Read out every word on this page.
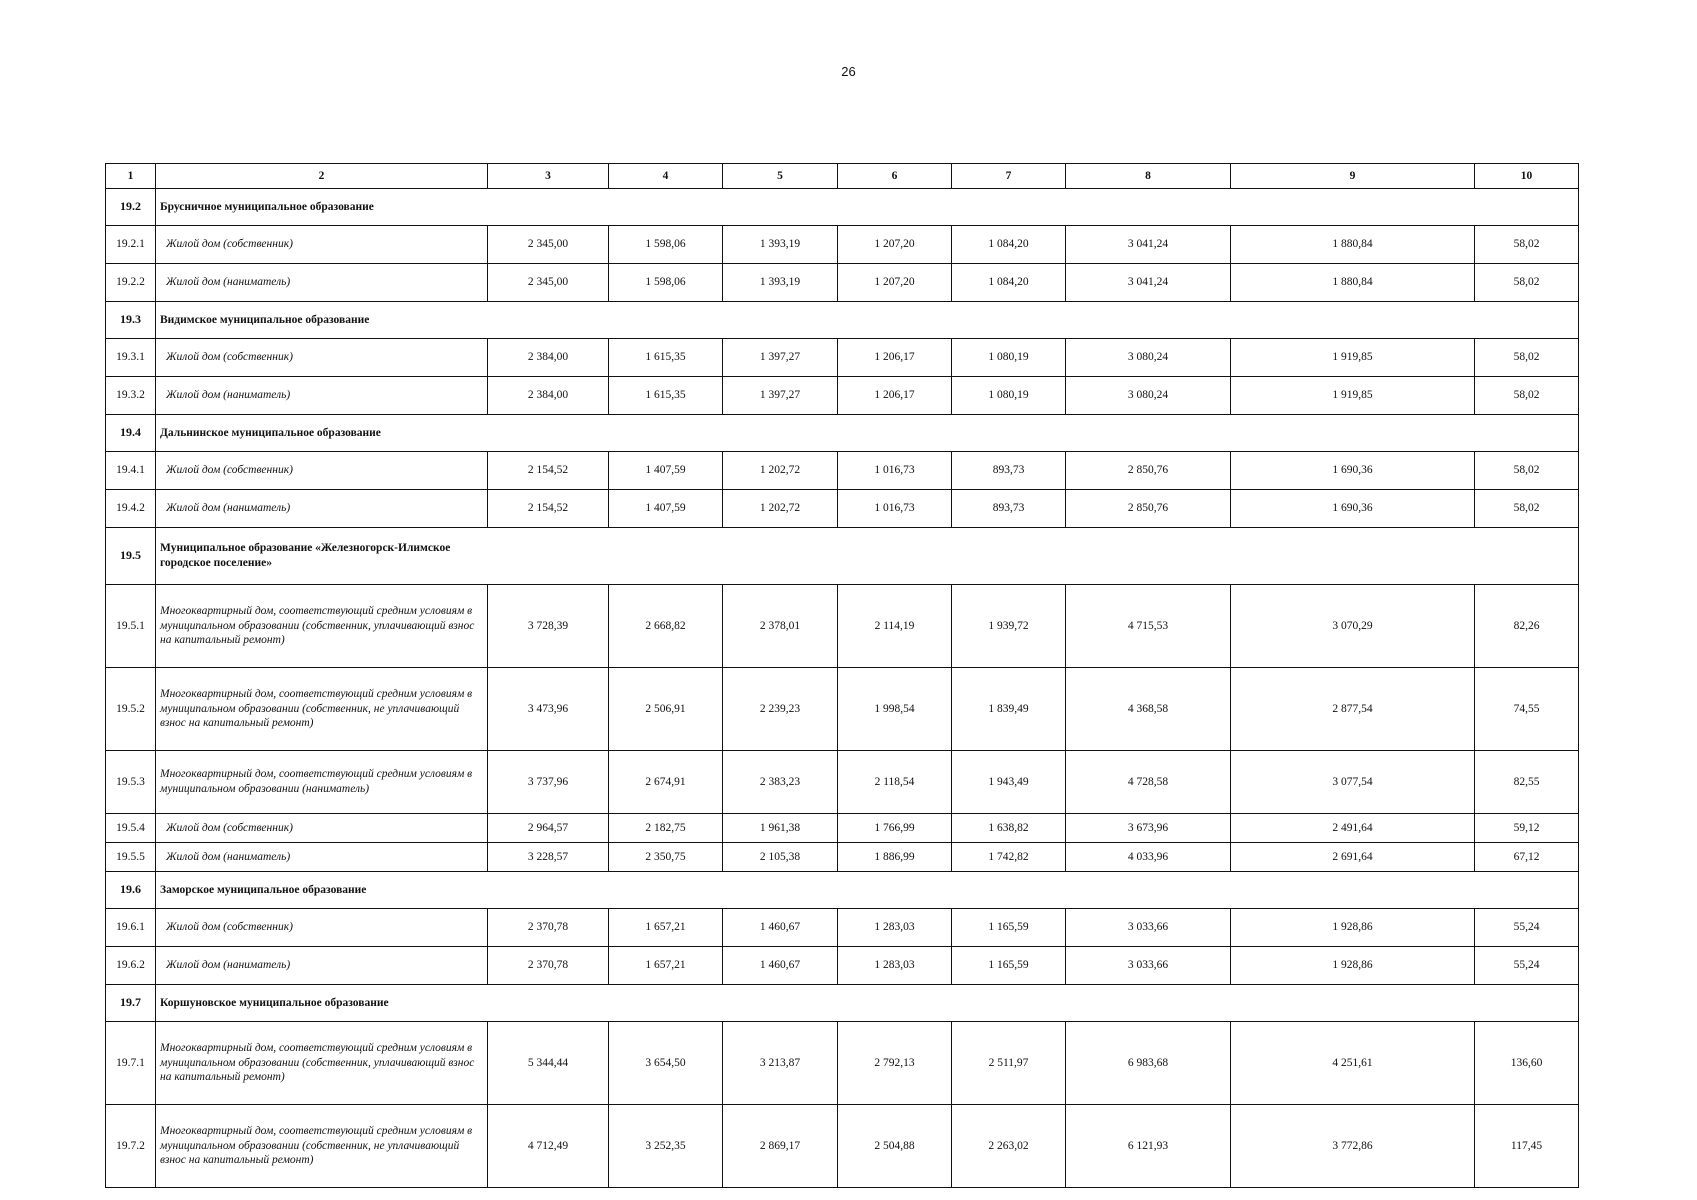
26
1	2	3	4	5	6	7	8	9	10
19.2	Брусничное муниципальное образование								
19.2.1	Жилой дом (собственник)	2 345,00	1 598,06	1 393,19	1 207,20	1 084,20	3 041,24	1 880,84	58,02
19.2.2	Жилой дом (наниматель)	2 345,00	1 598,06	1 393,19	1 207,20	1 084,20	3 041,24	1 880,84	58,02
19.3	Видимское муниципальное образование								
19.3.1	Жилой дом (собственник)	2 384,00	1 615,35	1 397,27	1 206,17	1 080,19	3 080,24	1 919,85	58,02
19.3.2	Жилой дом (наниматель)	2 384,00	1 615,35	1 397,27	1 206,17	1 080,19	3 080,24	1 919,85	58,02
19.4	Дальнинское муниципальное образование								
19.4.1	Жилой дом (собственник)	2 154,52	1 407,59	1 202,72	1 016,73	893,73	2 850,76	1 690,36	58,02
19.4.2	Жилой дом (наниматель)	2 154,52	1 407,59	1 202,72	1 016,73	893,73	2 850,76	1 690,36	58,02
19.5	Муниципальное образование «Железногорск-Илимское городское поселение»								
19.5.1	Многоквартирный дом, соответствующий средним условиям в муниципальном образовании (собственник, уплачивающий взнос на капитальный ремонт)	3 728,39	2 668,82	2 378,01	2 114,19	1 939,72	4 715,53	3 070,29	82,26
19.5.2	Многоквартирный дом, соответствующий средним условиям в муниципальном образовании (собственник, не уплачивающий взнос на капитальный ремонт)	3 473,96	2 506,91	2 239,23	1 998,54	1 839,49	4 368,58	2 877,54	74,55
19.5.3	Многоквартирный дом, соответствующий средним условиям в муниципальном образовании (наниматель)	3 737,96	2 674,91	2 383,23	2 118,54	1 943,49	4 728,58	3 077,54	82,55
19.5.4	Жилой дом (собственник)	2 964,57	2 182,75	1 961,38	1 766,99	1 638,82	3 673,96	2 491,64	59,12
19.5.5	Жилой дом (наниматель)	3 228,57	2 350,75	2 105,38	1 886,99	1 742,82	4 033,96	2 691,64	67,12
19.6	Заморское муниципальное образование								
19.6.1	Жилой дом (собственник)	2 370,78	1 657,21	1 460,67	1 283,03	1 165,59	3 033,66	1 928,86	55,24
19.6.2	Жилой дом (наниматель)	2 370,78	1 657,21	1 460,67	1 283,03	1 165,59	3 033,66	1 928,86	55,24
19.7	Коршуновское муниципальное образование								
19.7.1	Многоквартирный дом, соответствующий средним условиям в муниципальном образовании (собственник, уплачивающий взнос на капитальный ремонт)	5 344,44	3 654,50	3 213,87	2 792,13	2 511,97	6 983,68	4 251,61	136,60
19.7.2	Многоквартирный дом, соответствующий средним условиям в муниципальном образовании (собственник, не уплачивающий взнос на капитальный ремонт)	4 712,49	3 252,35	2 869,17	2 504,88	2 263,02	6 121,93	3 772,86	117,45
